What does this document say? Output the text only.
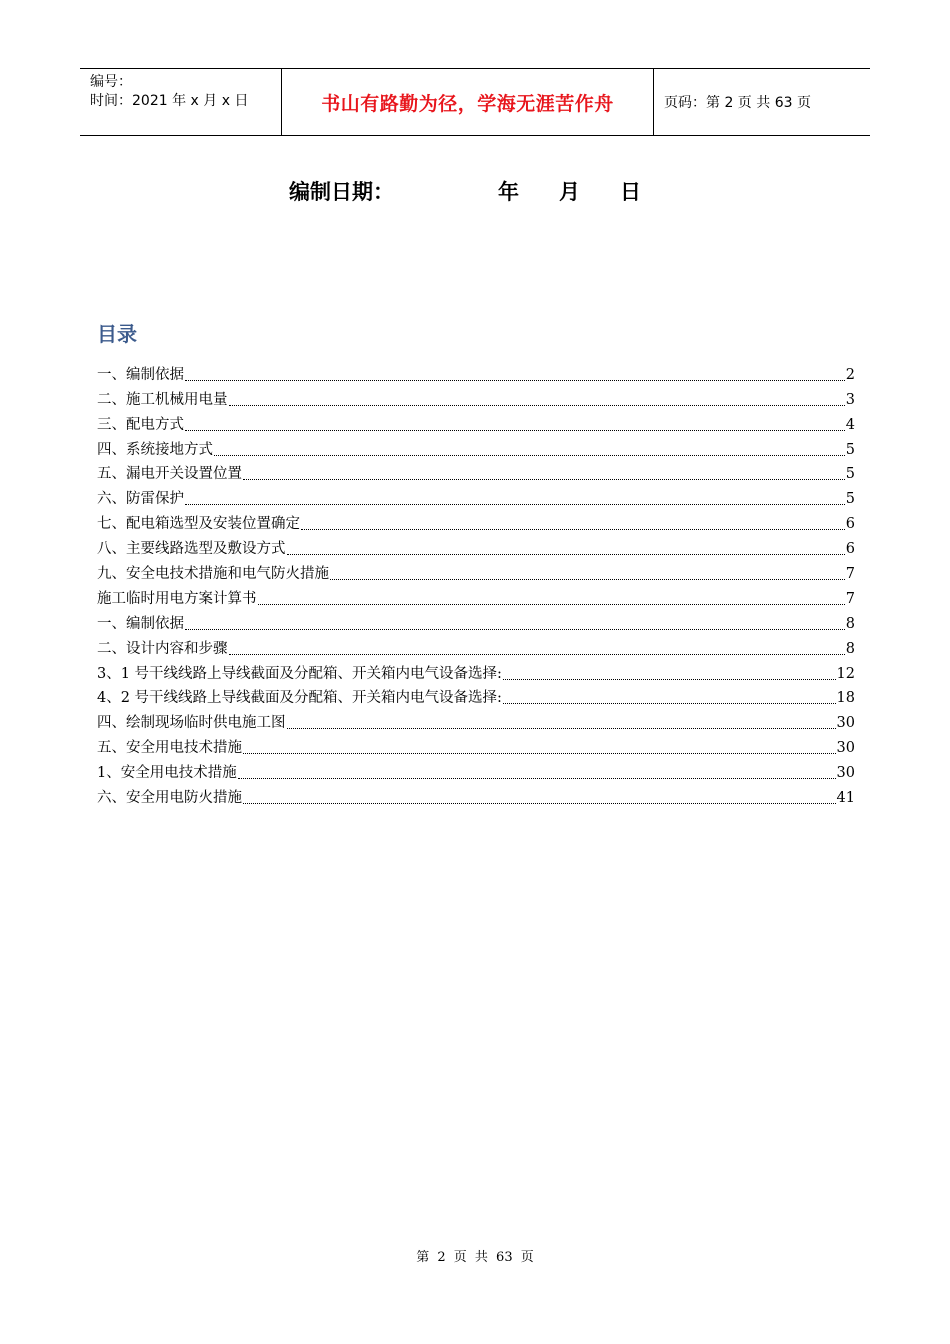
编号：
时间：2021 年 x 月 x 日	书山有路勤为径，学海无涯苦作舟	页码：第 2 页 共 63 页
编制日期：	年 月 日
目录
一、编制依据	2
二、施工机械用电量	3
三、配电方式	4
四、系统接地方式	5
五、漏电开关设置位置	5
六、防雷保护	5
七、配电箱选型及安装位置确定	6
八、主要线路选型及敷设方式	6
九、安全电技术措施和电气防火措施	7
施工临时用电方案计算书	7
一、编制依据	8
二、设计内容和步骤	8
3、1 号干线线路上导线截面及分配箱、开关箱内电气设备选择:	12
4、2 号干线线路上导线截面及分配箱、开关箱内电气设备选择:	18
四、绘制现场临时供电施工图	30
五、安全用电技术措施	30
1、安全用电技术措施	30
六、安全用电防火措施	41
第 2 页 共 63 页
